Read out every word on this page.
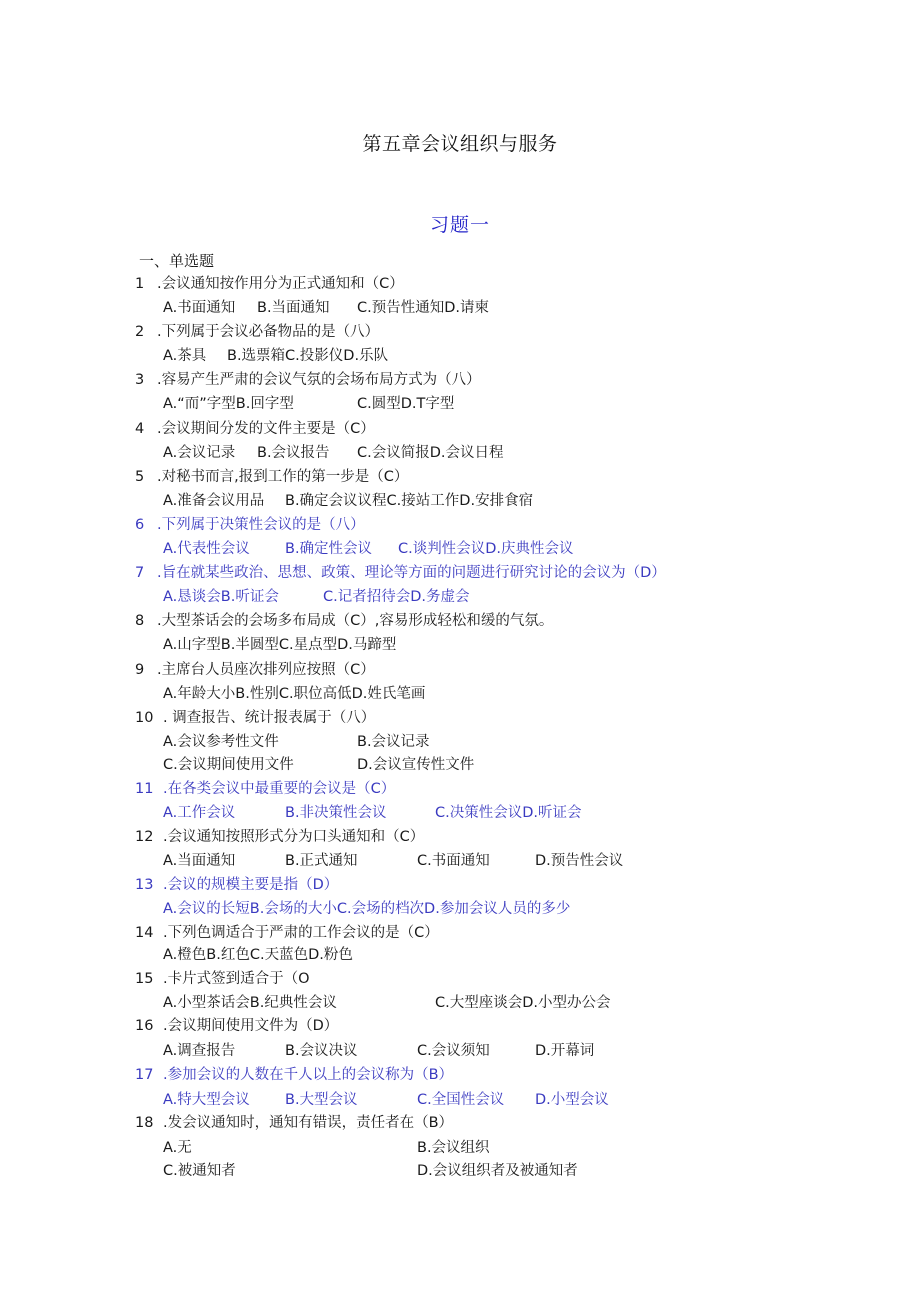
第五章会议组织与服务
习题一
一、单选题
1 .会议通知按作用分为正式通知和（C）
A.书面通知 B.当面通知 C.预告性通知D.请柬
2 .下列属于会议必备物品的是（八）
A.茶具 B.选票箱C.投影仪D.乐队
3 .容易产生严肃的会议气氛的会场布局方式为（八）
A.“而”字型B.回字型	C.圆型D.T字型
4 .会议期间分发的文件主要是（C）
A.会议记录 B.会议报告 C.会议简报D.会议日程
5 .对秘书而言,报到工作的第一步是（C）
A.准备会议用品 B.确定会议议程C.接站工作D.安排食宿
6 .下列属于决策性会议的是（八）
A.代表性会议 B.确定性会议 C.谈判性会议D.庆典性会议
7 .旨在就某些政治、思想、政策、理论等方面的问题进行研究讨论的会议为（D）
A.恳谈会B.听证会	C.记者招待会D.务虚会
8 .大型茶话会的会场多布局成（C）,容易形成轻松和缓的气氛。
A.山字型B.半圆型C.星点型D.马蹄型
9 .主席台人员座次排列应按照（C）
A.年龄大小B.性别C.职位高低D.姓氏笔画
10 . 调查报告、统计报表属于（八）
A.会议参考性文件	B.会议记录
C.会议期间使用文件	D.会议宣传性文件
11 .在各类会议中最重要的会议是（C）
A.工作会议	B.非决策性会议	C.决策性会议D.听证会
12 .会议通知按照形式分为口头通知和（C）
A.当面通知	B.正式通知	C.书面通知	D.预告性会议
13 .会议的规模主要是指（D）
A.会议的长短B.会场的大小C.会场的档次D.参加会议人员的多少
14 .下列色调适合于严肃的工作会议的是（C）
A.橙色B.红色C.天蓝色D.粉色
15 .卡片式签到适合于（O
A.小型茶话会B.纪典性会议	C.大型座谈会D.小型办公会
16 .会议期间使用文件为（D）
A.调查报告	B.会议决议	C.会议须知	D.开幕词
17 .参加会议的人数在千人以上的会议称为（B）
A.特大型会议 B.大型会议	C.全国性会议 D.小型会议
18 .发会议通知时，通知有错误，责任者在（B）
A.无	B.会议组织
C.被通知者	D.会议组织者及被通知者
